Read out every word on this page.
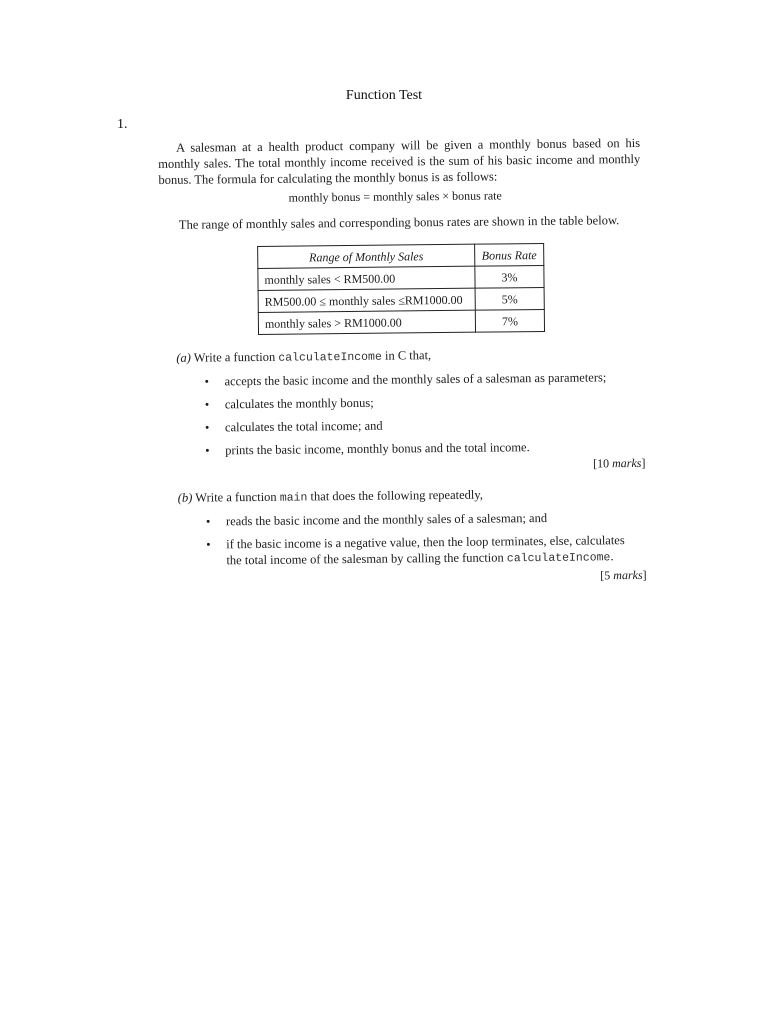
Function Test
1.

A salesman at a health product company will be given a monthly bonus based on his monthly sales. The total monthly income received is the sum of his basic income and monthly bonus. The formula for calculating the monthly bonus is as follows:

monthly bonus = monthly sales × bonus rate
The range of monthly sales and corresponding bonus rates are shown in the table below.
Range of Monthly Sales	Bonus Rate
monthly sales < RM500.00	3%
RM500.00 ≤ monthly sales ≤RM1000.00	5%
monthly sales > RM1000.00	7%
(a) Write a function calculateIncome in C that,
• accepts the basic income and the monthly sales of a salesman as parameters;
• calculates the monthly bonus;
• calculates the total income; and
• prints the basic income, monthly bonus and the total income.
[10 marks]
(b) Write a function main that does the following repeatedly,
• reads the basic income and the monthly sales of a salesman; and
• if the basic income is a negative value, then the loop terminates, else, calculates the total income of the salesman by calling the function calculateIncome.
[5 marks]
